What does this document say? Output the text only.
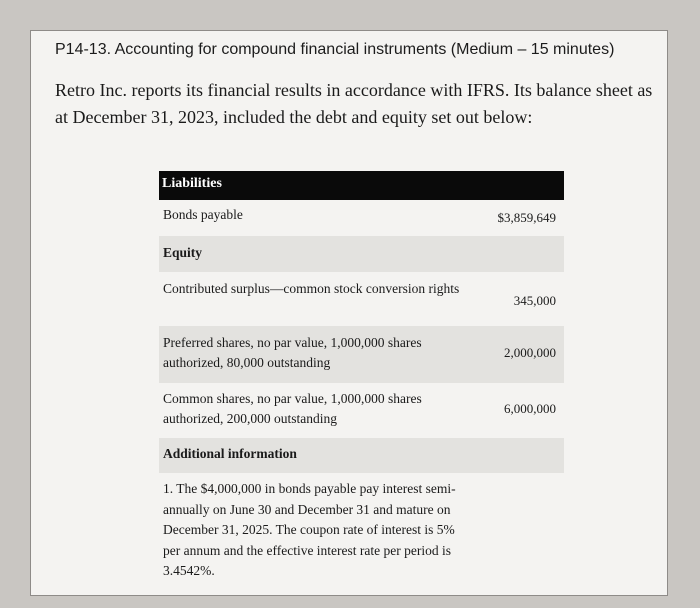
P14-13. Accounting for compound financial instruments (Medium – 15 minutes)
Retro Inc. reports its financial results in accordance with IFRS. Its balance sheet as at December 31, 2023, included the debt and equity set out below:
Liabilities
Bonds payable	$3,859,649
Equity
Contributed surplus—common stock conversion rights
345,000
Preferred shares, no par value, 1,000,000 shares authorized, 80,000 outstanding
2,000,000
Common shares, no par value, 1,000,000 shares authorized, 200,000 outstanding
6,000,000
Additional information
1. The $4,000,000 in bonds payable pay interest semi-annually on June 30 and December 31 and mature on December 31, 2025. The coupon rate of interest is 5% per annum and the effective interest rate per period is 3.4542%.
